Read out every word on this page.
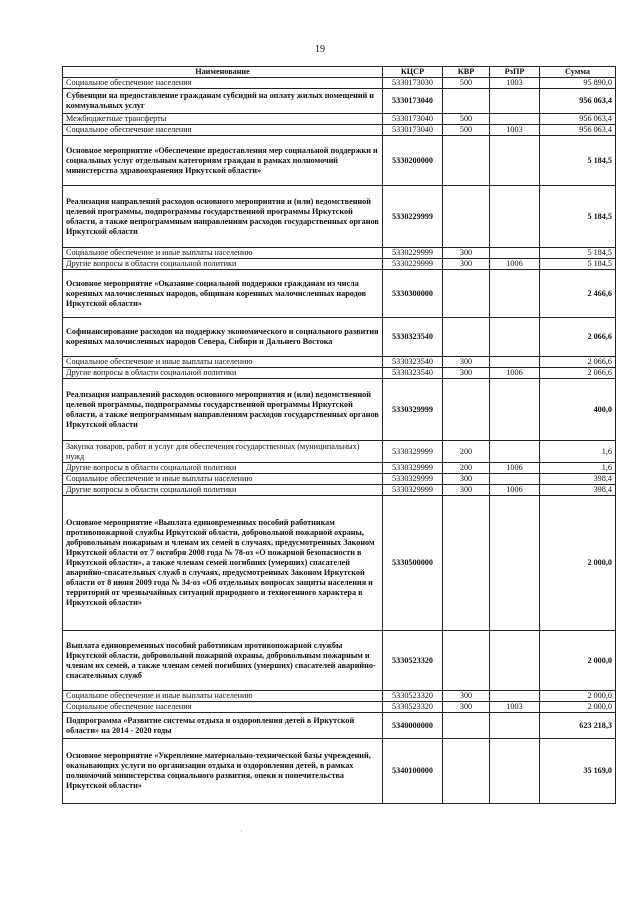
19
Наименование	КЦСР	КВР	РзПР	Сумма
Социальное обеспечение населения	5330173030	500	1003	95 890,0
Субвенции на предоставление гражданам субсидий на оплату жилых помещений и коммунальных услуг	5330173040			956 063,4
Межбюджетные трансферты	5330173040	500		956 063,4
Социальное обеспечение населения	5330173040	500	1003	956 063,4
Основное мероприятие «Обеспечение предоставления мер социальной поддержки и социальных услуг отдельным категориям граждан в рамках полномочий министерства здравоохранения Иркутской области»	5330200000			5 184,5
Реализация направлений расходов основного мероприятия и (или) ведомственной целевой программы, подпрограммы государственной программы Иркутской области, а также непрограммным направлениям расходов государственных органов Иркутской области	5330229999			5 184,5
Социальное обеспечение и иные выплаты населению	5330229999	300		5 184,5
Другие вопросы в области социальной политики	5330229999	300	1006	5 184,5
Основное мероприятие «Оказание социальной поддержки гражданам из числа коренных малочисленных народов, общинам коренных малочисленных народов Иркутской области»	5330300000			2 466,6
Софинансирование расходов на поддержку экономического и социального развития коренных малочисленных народов Севера, Сибири и Дальнего Востока	5330323540			2 066,6
Социальное обеспечение и иные выплаты населению	5330323540	300		2 066,6
Другие вопросы в области социальной политики	5330323540	300	1006	2 066,6
Реализация направлений расходов основного мероприятия и (или) ведомственной целевой программы, подпрограммы государственной программы Иркутской области, а также непрограммным направлениям расходов государственных органов Иркутской области	5330329999			400,0
Закупка товаров, работ и услуг для обеспечения государственных (муниципальных) нужд	5330329999	200		1,6
Другие вопросы в области социальной политики	5330329999	200	1006	1,6
Социальное обеспечение и иные выплаты населению	5330329999	300		398,4
Другие вопросы в области социальной политики	5330329999	300	1006	398,4
Основное мероприятие «Выплата единовременных пособий работникам противопожарной службы Иркутской области, добровольной пожарной охраны, добровольным пожарным и членам их семей в случаях, предусмотренных Законом Иркутской области от 7 октября 2008 года № 78-оз «О пожарной безопасности в Иркутской области», а также членам семей погибших (умерших) спасателей аварийно-спасательных служб в случаях, предусмотренных Законом Иркутской области от 8 июня 2009 года № 34-оз «Об отдельных вопросах защиты населения и территорий от чрезвычайных ситуаций природного и техногенного характера в Иркутской области»	5330500000			2 000,0
Выплата единовременных пособий работникам противопожарной службы Иркутской области, добровольной пожарной охраны, добровольным пожарным и членам их семей, а также членам семей погибших (умерших) спасателей аварийно-спасательных служб	5330523320			2 000,0
Социальное обеспечение и иные выплаты населению	5330523320	300		2 000,0
Социальное обеспечение населения	5330523320	300	1003	2 000,0
Подпрограмма «Развитие системы отдыха и оздоровления детей в Иркутской области» на 2014 - 2020 годы	5340000000			623 218,3
Основное мероприятие «Укрепление материально-технической базы учреждений, оказывающих услуги по организации отдыха и оздоровления детей, в рамках полномочий министерства социального развития, опеки и попечительства Иркутской области»	5340100000			35 169,0
·
